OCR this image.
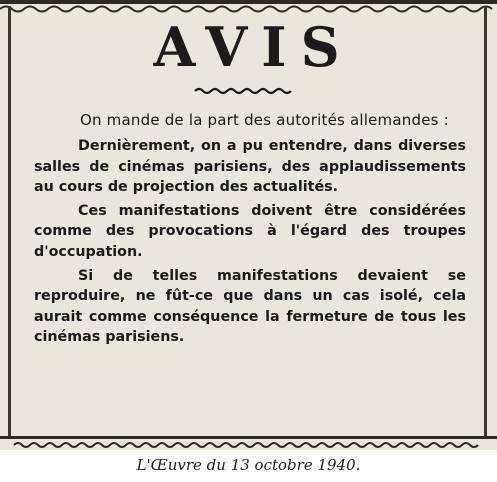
AVIS

On mande de la part des autorités allemandes :

Dernièrement, on a pu entendre, dans diverses salles de cinémas parisiens, des applaudissements au cours de projection des actualités.

Ces manifestations doivent être considérées comme des provocations à l'égard des troupes d'occupation.

Si de telles manifestations devaient se reproduire, ne fût-ce que dans un cas isolé, cela aurait comme conséquence la fermeture de tous les cinémas parisiens.

L'Œuvre du 13 octobre 1940.
